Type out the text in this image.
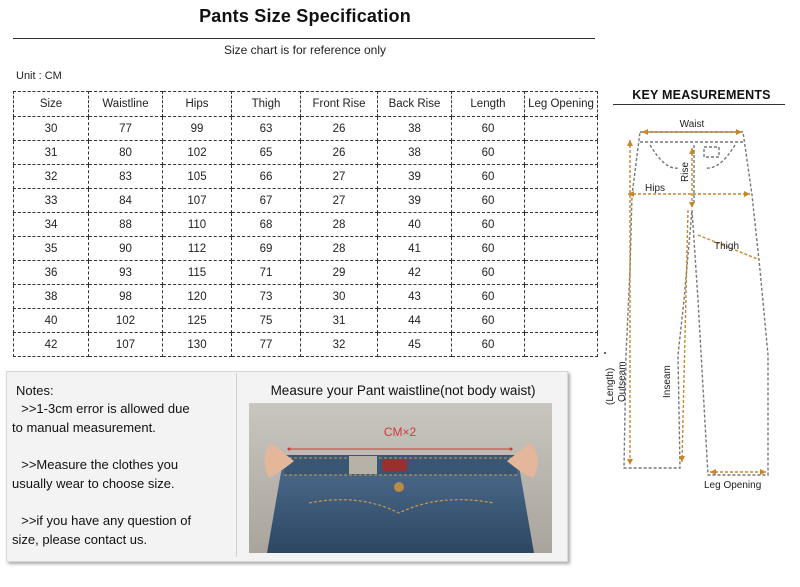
Pants Size Specification
Size chart is for reference only
Unit : CM
Size	Waistline	Hips	Thigh	Front Rise	Back Rise	Length	Leg Opening
30	77	99	63	26	38	60	
31	80	102	65	26	38	60	
32	83	105	66	27	39	60	
33	84	107	67	27	39	60	
34	88	110	68	28	40	60	
35	90	112	69	28	41	60	
36	93	115	71	29	42	60	
38	98	120	73	30	43	60	
40	102	125	75	31	44	60	
42	107	130	77	32	45	60	
Notes:
>>1-3cm error is allowed due
to manual measurement.
>>Measure the clothes you
usually wear to choose size.
>>if you have any question of
size, please contact us.
Measure your Pant waistline(not body waist)
CM×2
KEY MEASUREMENTS
Waist
Rise
Hips
Thigh
(Length) Outseam	Inseam
Leg Opening
